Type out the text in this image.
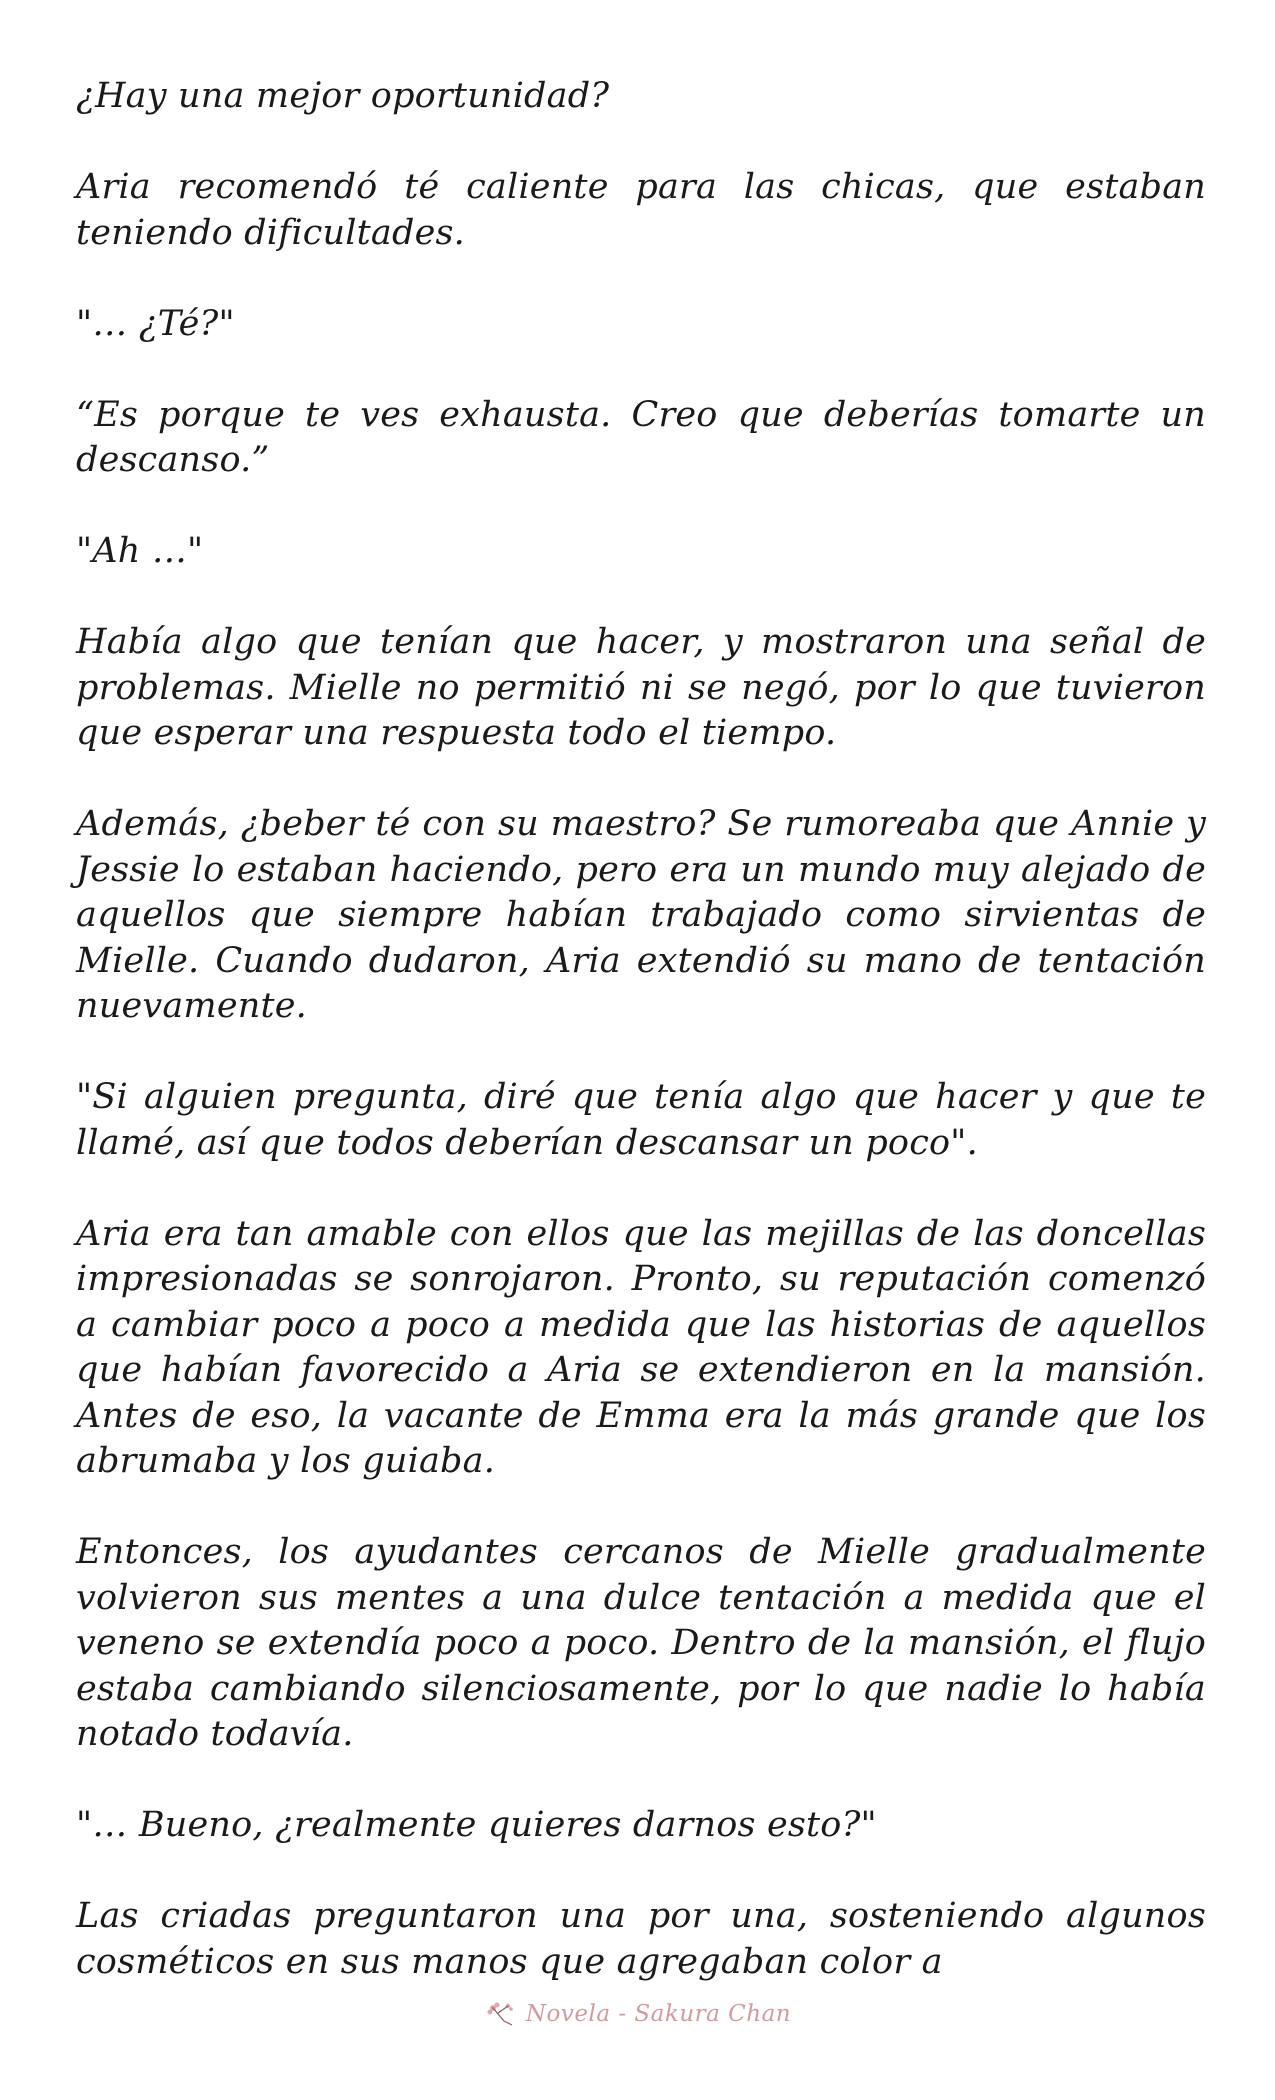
¿Hay una mejor oportunidad?

Aria recomendó té caliente para las chicas, que estaban teniendo dificultades.

"… ¿Té?"

“Es porque te ves exhausta. Creo que deberías tomarte un descanso.”

"Ah …"

Había algo que tenían que hacer, y mostraron una señal de problemas. Mielle no permitió ni se negó, por lo que tuvieron que esperar una respuesta todo el tiempo.

Además, ¿beber té con su maestro? Se rumoreaba que Annie y Jessie lo estaban haciendo, pero era un mundo muy alejado de aquellos que siempre habían trabajado como sirvientas de Mielle. Cuando dudaron, Aria extendió su mano de tentación nuevamente.

"Si alguien pregunta, diré que tenía algo que hacer y que te llamé, así que todos deberían descansar un poco".

Aria era tan amable con ellos que las mejillas de las doncellas impresionadas se sonrojaron. Pronto, su reputación comenzó a cambiar poco a poco a medida que las historias de aquellos que habían favorecido a Aria se extendieron en la mansión. Antes de eso, la vacante de Emma era la más grande que los abrumaba y los guiaba.

Entonces, los ayudantes cercanos de Mielle gradualmente volvieron sus mentes a una dulce tentación a medida que el veneno se extendía poco a poco. Dentro de la mansión, el flujo estaba cambiando silenciosamente, por lo que nadie lo había notado todavía.

"… Bueno, ¿realmente quieres darnos esto?"

Las criadas preguntaron una por una, sosteniendo algunos cosméticos en sus manos que agregaban color a

Novela - Sakura Chan
